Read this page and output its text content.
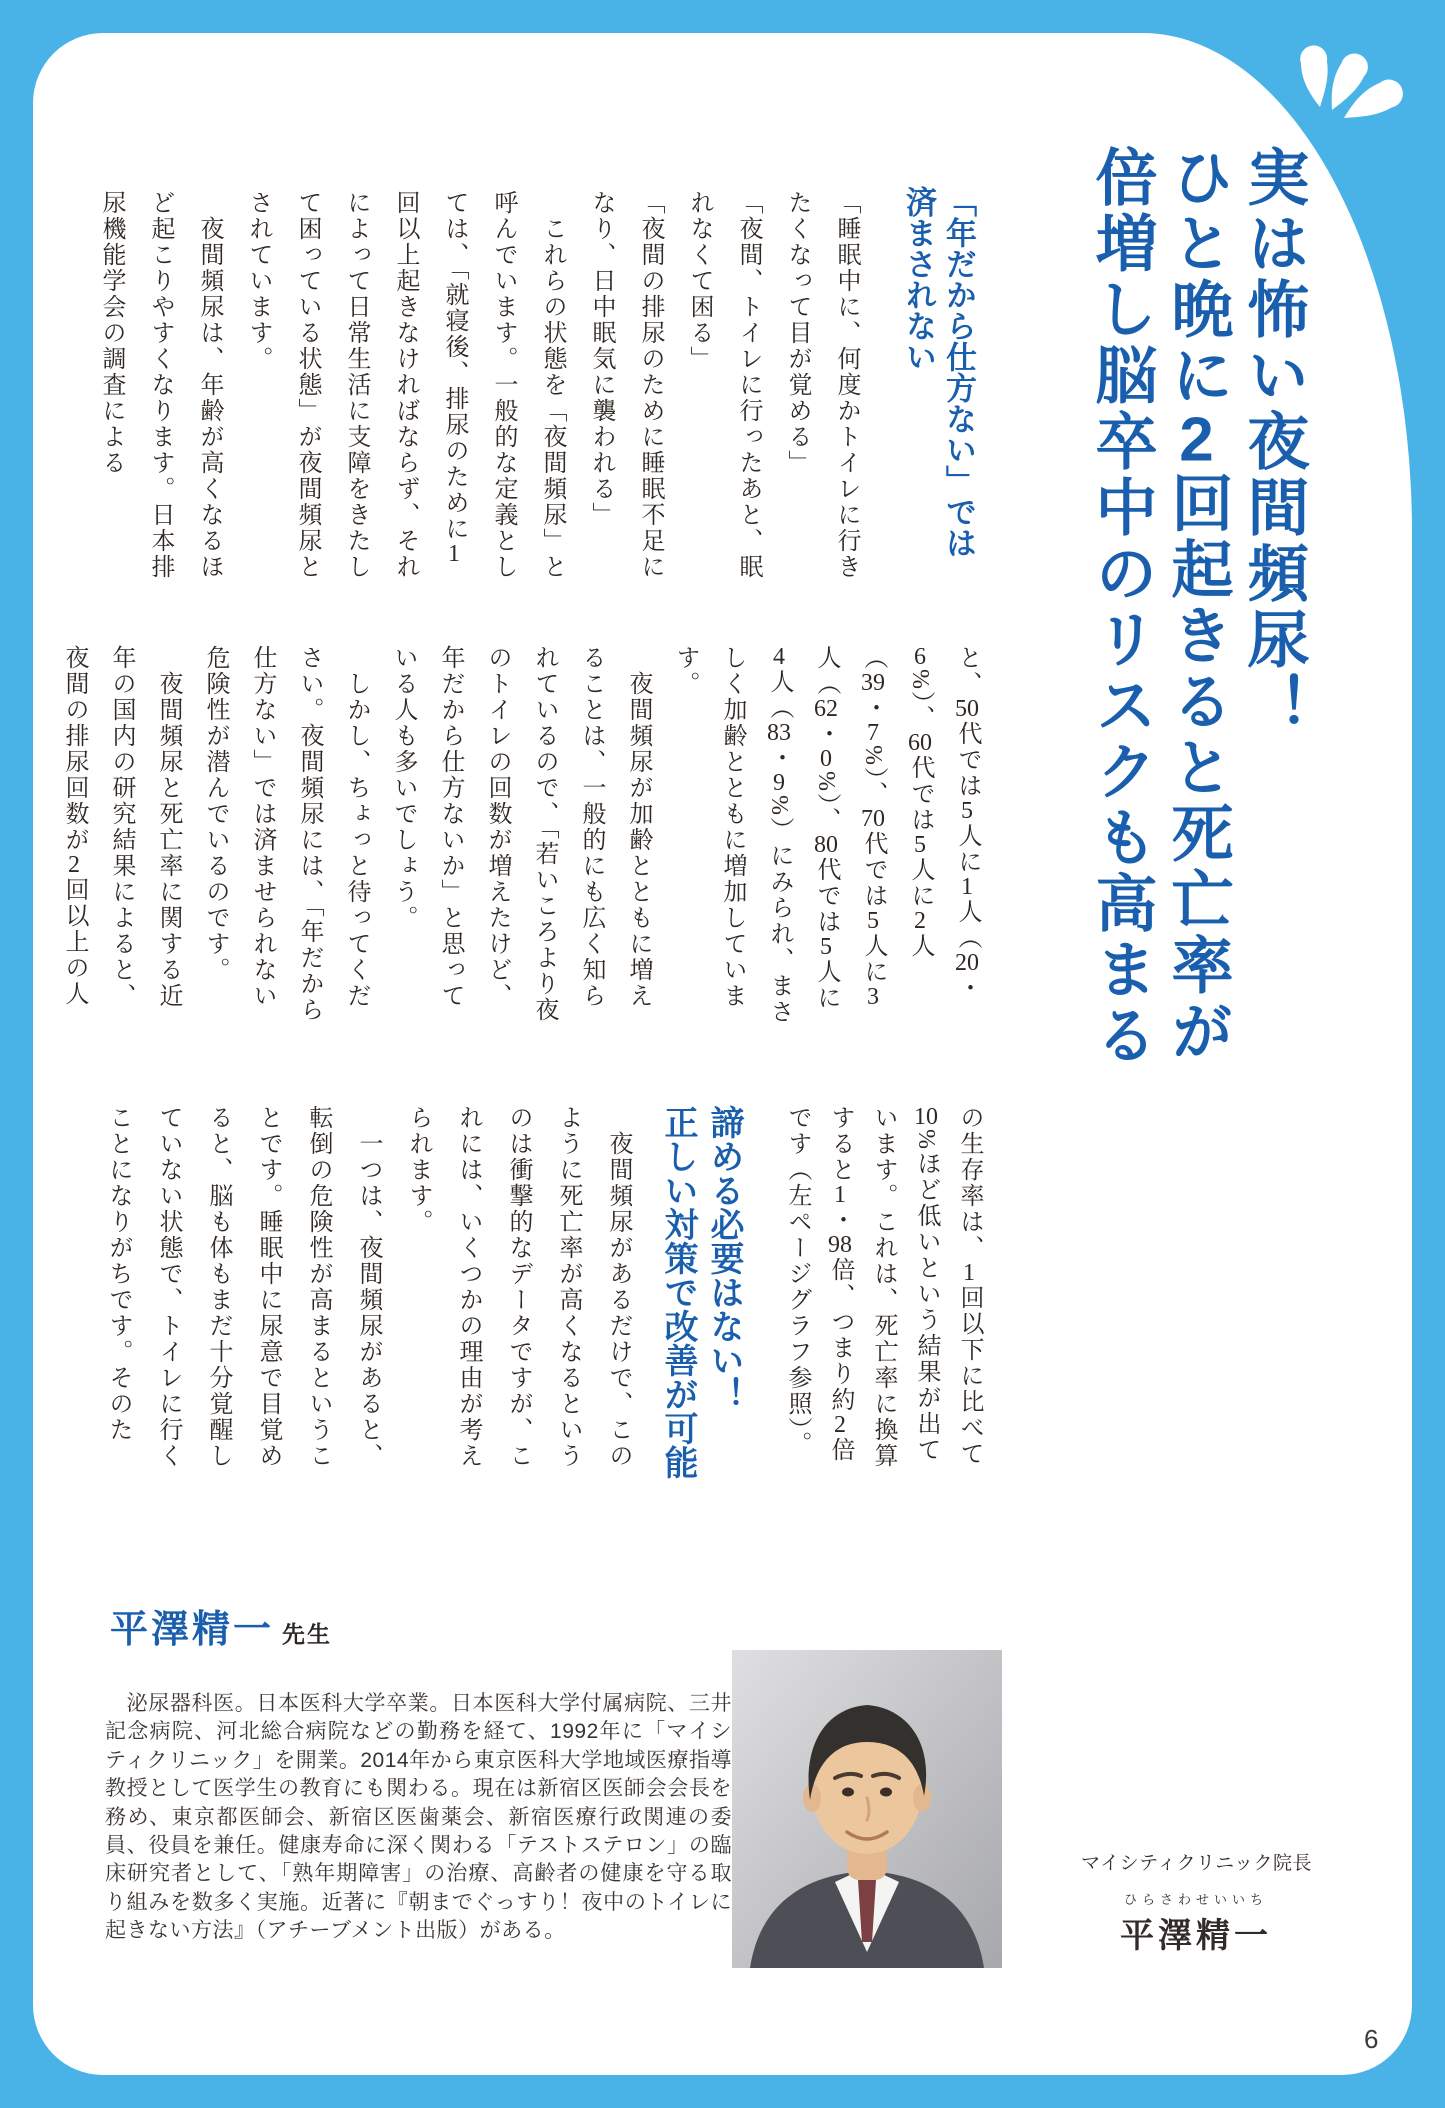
実は怖い夜間頻尿！
ひと晩に2回起きると死亡率が
倍増し脳卒中のリスクも高まる
「年だから仕方ない」では
済まされない

「睡眠中に、何度かトイレに行きたくなって目が覚める」

「夜間、トイレに行ったあと、眠れなくて困る」

「夜間の排尿のために睡眠不足になり、日中眠気に襲われる」

　これらの状態を「夜間頻尿」と呼んでいます。一般的な定義としては、「就寝後、排尿のために1回以上起きなければならず、それによって日常生活に支障をきたして困っている状態」が夜間頻尿とされています。

　夜間頻尿は、年齢が高くなるほど起こりやすくなります。日本排尿機能学会の調査による

と、50代では5人に1人（20・6%）、60代では5人に2人（39・7%）、70代では5人に3人（62・0%）、80代では5人に4人（83・9%）にみられ、まさしく加齢とともに増加しています。

　夜間頻尿が加齢とともに増えることは、一般的にも広く知られているので、「若いころより夜のトイレの回数が増えたけど、年だから仕方ないか」と思っている人も多いでしょう。

　しかし、ちょっと待ってください。夜間頻尿には、「年だから仕方ない」では済ませられない危険性が潜んでいるのです。

　夜間頻尿と死亡率に関する近年の国内の研究結果によると、夜間の排尿回数が2回以上の人

の生存率は、1回以下に比べて10%ほど低いという結果が出ています。これは、死亡率に換算すると1・98倍、つまり約2倍です（左ページグラフ参照）。

諦める必要はない！
正しい対策で改善が可能

　夜間頻尿があるだけで、このように死亡率が高くなるというのは衝撃的なデータですが、これには、いくつかの理由が考えられます。

　一つは、夜間頻尿があると、転倒の危険性が高まるということです。睡眠中に尿意で目覚めると、脳も体もまだ十分覚醒していない状態で、トイレに行くことになりがちです。そのた

平澤精一 先生

　泌尿器科医。日本医科大学卒業。日本医科大学付属病院、三井記念病院、河北総合病院などの勤務を経て、1992年に「マイシティクリニック」を開業。2014年から東京医科大学地域医療指導教授として医学生の教育にも関わる。現在は新宿区医師会会長を務め、東京都医師会、新宿区医歯薬会、新宿医療行政関連の委員、役員を兼任。健康寿命に深く関わる「テストステロン」の臨床研究者として、「熟年期障害」の治療、高齢者の健康を守る取り組みを数多く実施。近著に『朝までぐっすり！夜中のトイレに起きない方法』（アチーブメント出版）がある。

マイシティクリニック院長
ひらさわせいいち
平澤精一
6
